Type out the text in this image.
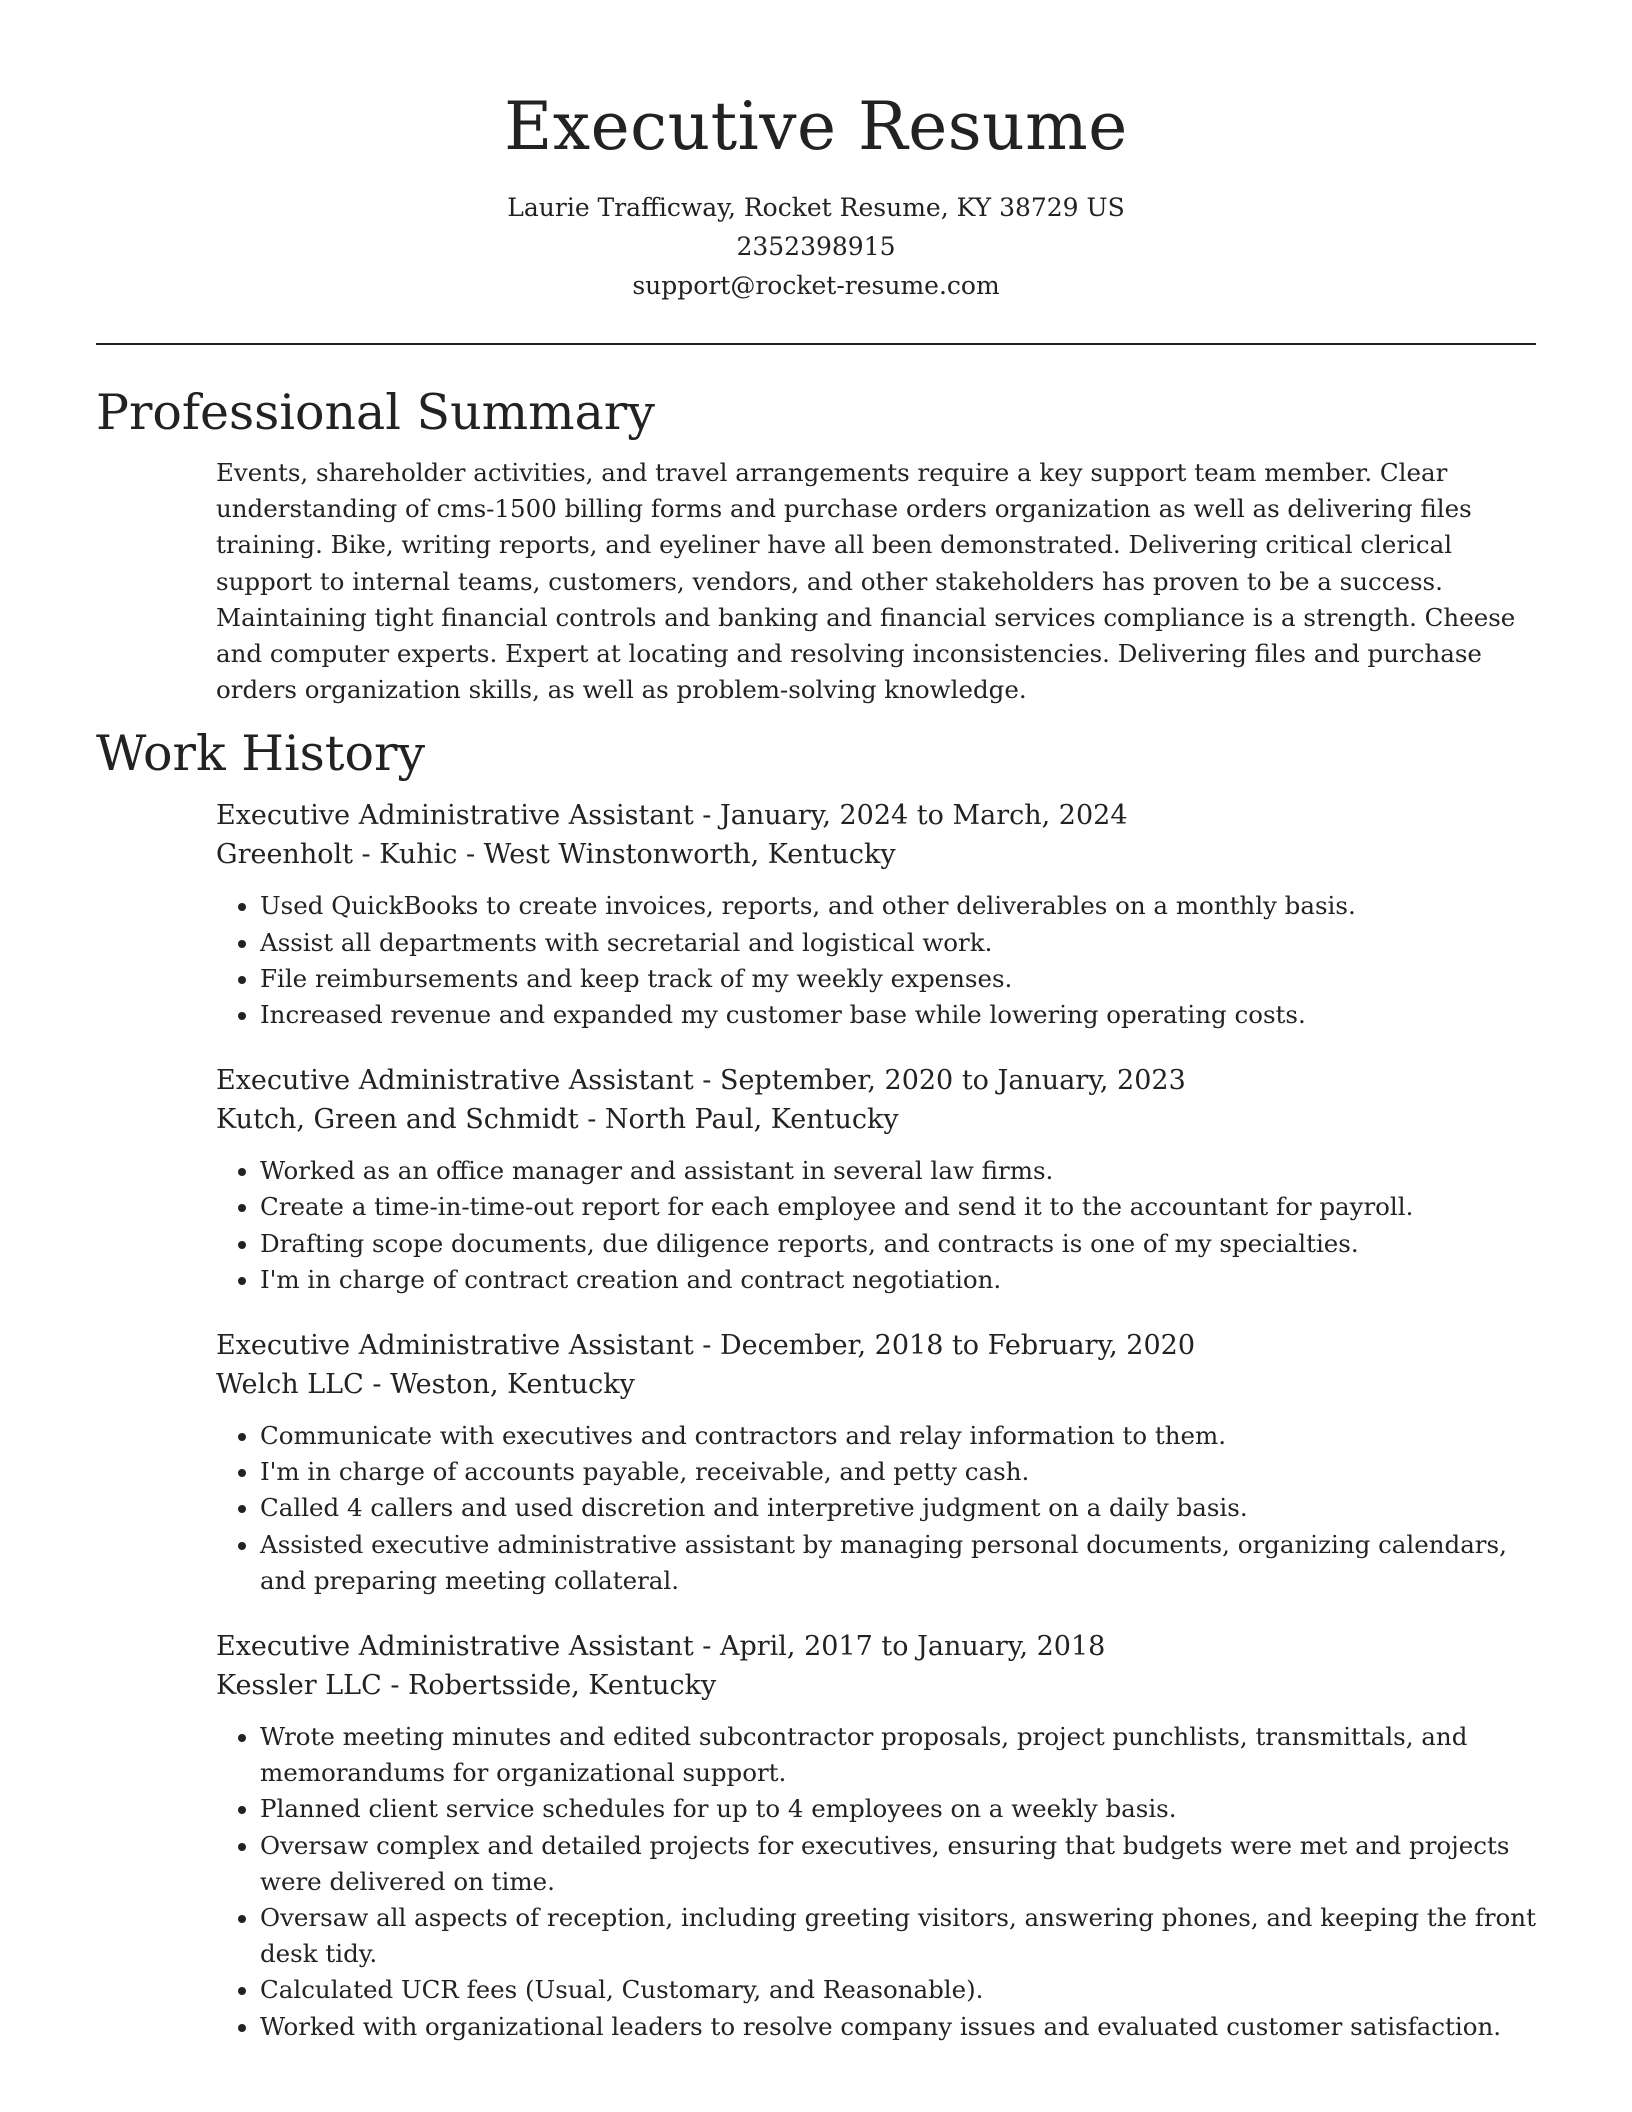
Executive Resume
Laurie Trafficway, Rocket Resume, KY 38729 US
2352398915
support@rocket-resume.com
Professional Summary

Events, shareholder activities, and travel arrangements require a key support team member. Clear understanding of cms-1500 billing forms and purchase orders organization as well as delivering files training. Bike, writing reports, and eyeliner have all been demonstrated. Delivering critical clerical support to internal teams, customers, vendors, and other stakeholders has proven to be a success. Maintaining tight financial controls and banking and financial services compliance is a strength. Cheese and computer experts. Expert at locating and resolving inconsistencies. Delivering files and purchase orders organization skills, as well as problem-solving knowledge.

Work History
Executive Administrative Assistant - January, 2024 to March, 2024
Greenholt - Kuhic - West Winstonworth, Kentucky
• Used QuickBooks to create invoices, reports, and other deliverables on a monthly basis.
• Assist all departments with secretarial and logistical work.
• File reimbursements and keep track of my weekly expenses.
• Increased revenue and expanded my customer base while lowering operating costs.
Executive Administrative Assistant - September, 2020 to January, 2023
Kutch, Green and Schmidt - North Paul, Kentucky
• Worked as an office manager and assistant in several law firms.
• Create a time-in-time-out report for each employee and send it to the accountant for payroll.
• Drafting scope documents, due diligence reports, and contracts is one of my specialties.
• I'm in charge of contract creation and contract negotiation.
Executive Administrative Assistant - December, 2018 to February, 2020
Welch LLC - Weston, Kentucky
• Communicate with executives and contractors and relay information to them.
• I'm in charge of accounts payable, receivable, and petty cash.
• Called 4 callers and used discretion and interpretive judgment on a daily basis.
• Assisted executive administrative assistant by managing personal documents, organizing calendars, and preparing meeting collateral.
Executive Administrative Assistant - April, 2017 to January, 2018
Kessler LLC - Robertsside, Kentucky
• Wrote meeting minutes and edited subcontractor proposals, project punchlists, transmittals, and memorandums for organizational support.
• Planned client service schedules for up to 4 employees on a weekly basis.
• Oversaw complex and detailed projects for executives, ensuring that budgets were met and projects were delivered on time.
• Oversaw all aspects of reception, including greeting visitors, answering phones, and keeping the front desk tidy.
• Calculated UCR fees (Usual, Customary, and Reasonable).
• Worked with organizational leaders to resolve company issues and evaluated customer satisfaction.
